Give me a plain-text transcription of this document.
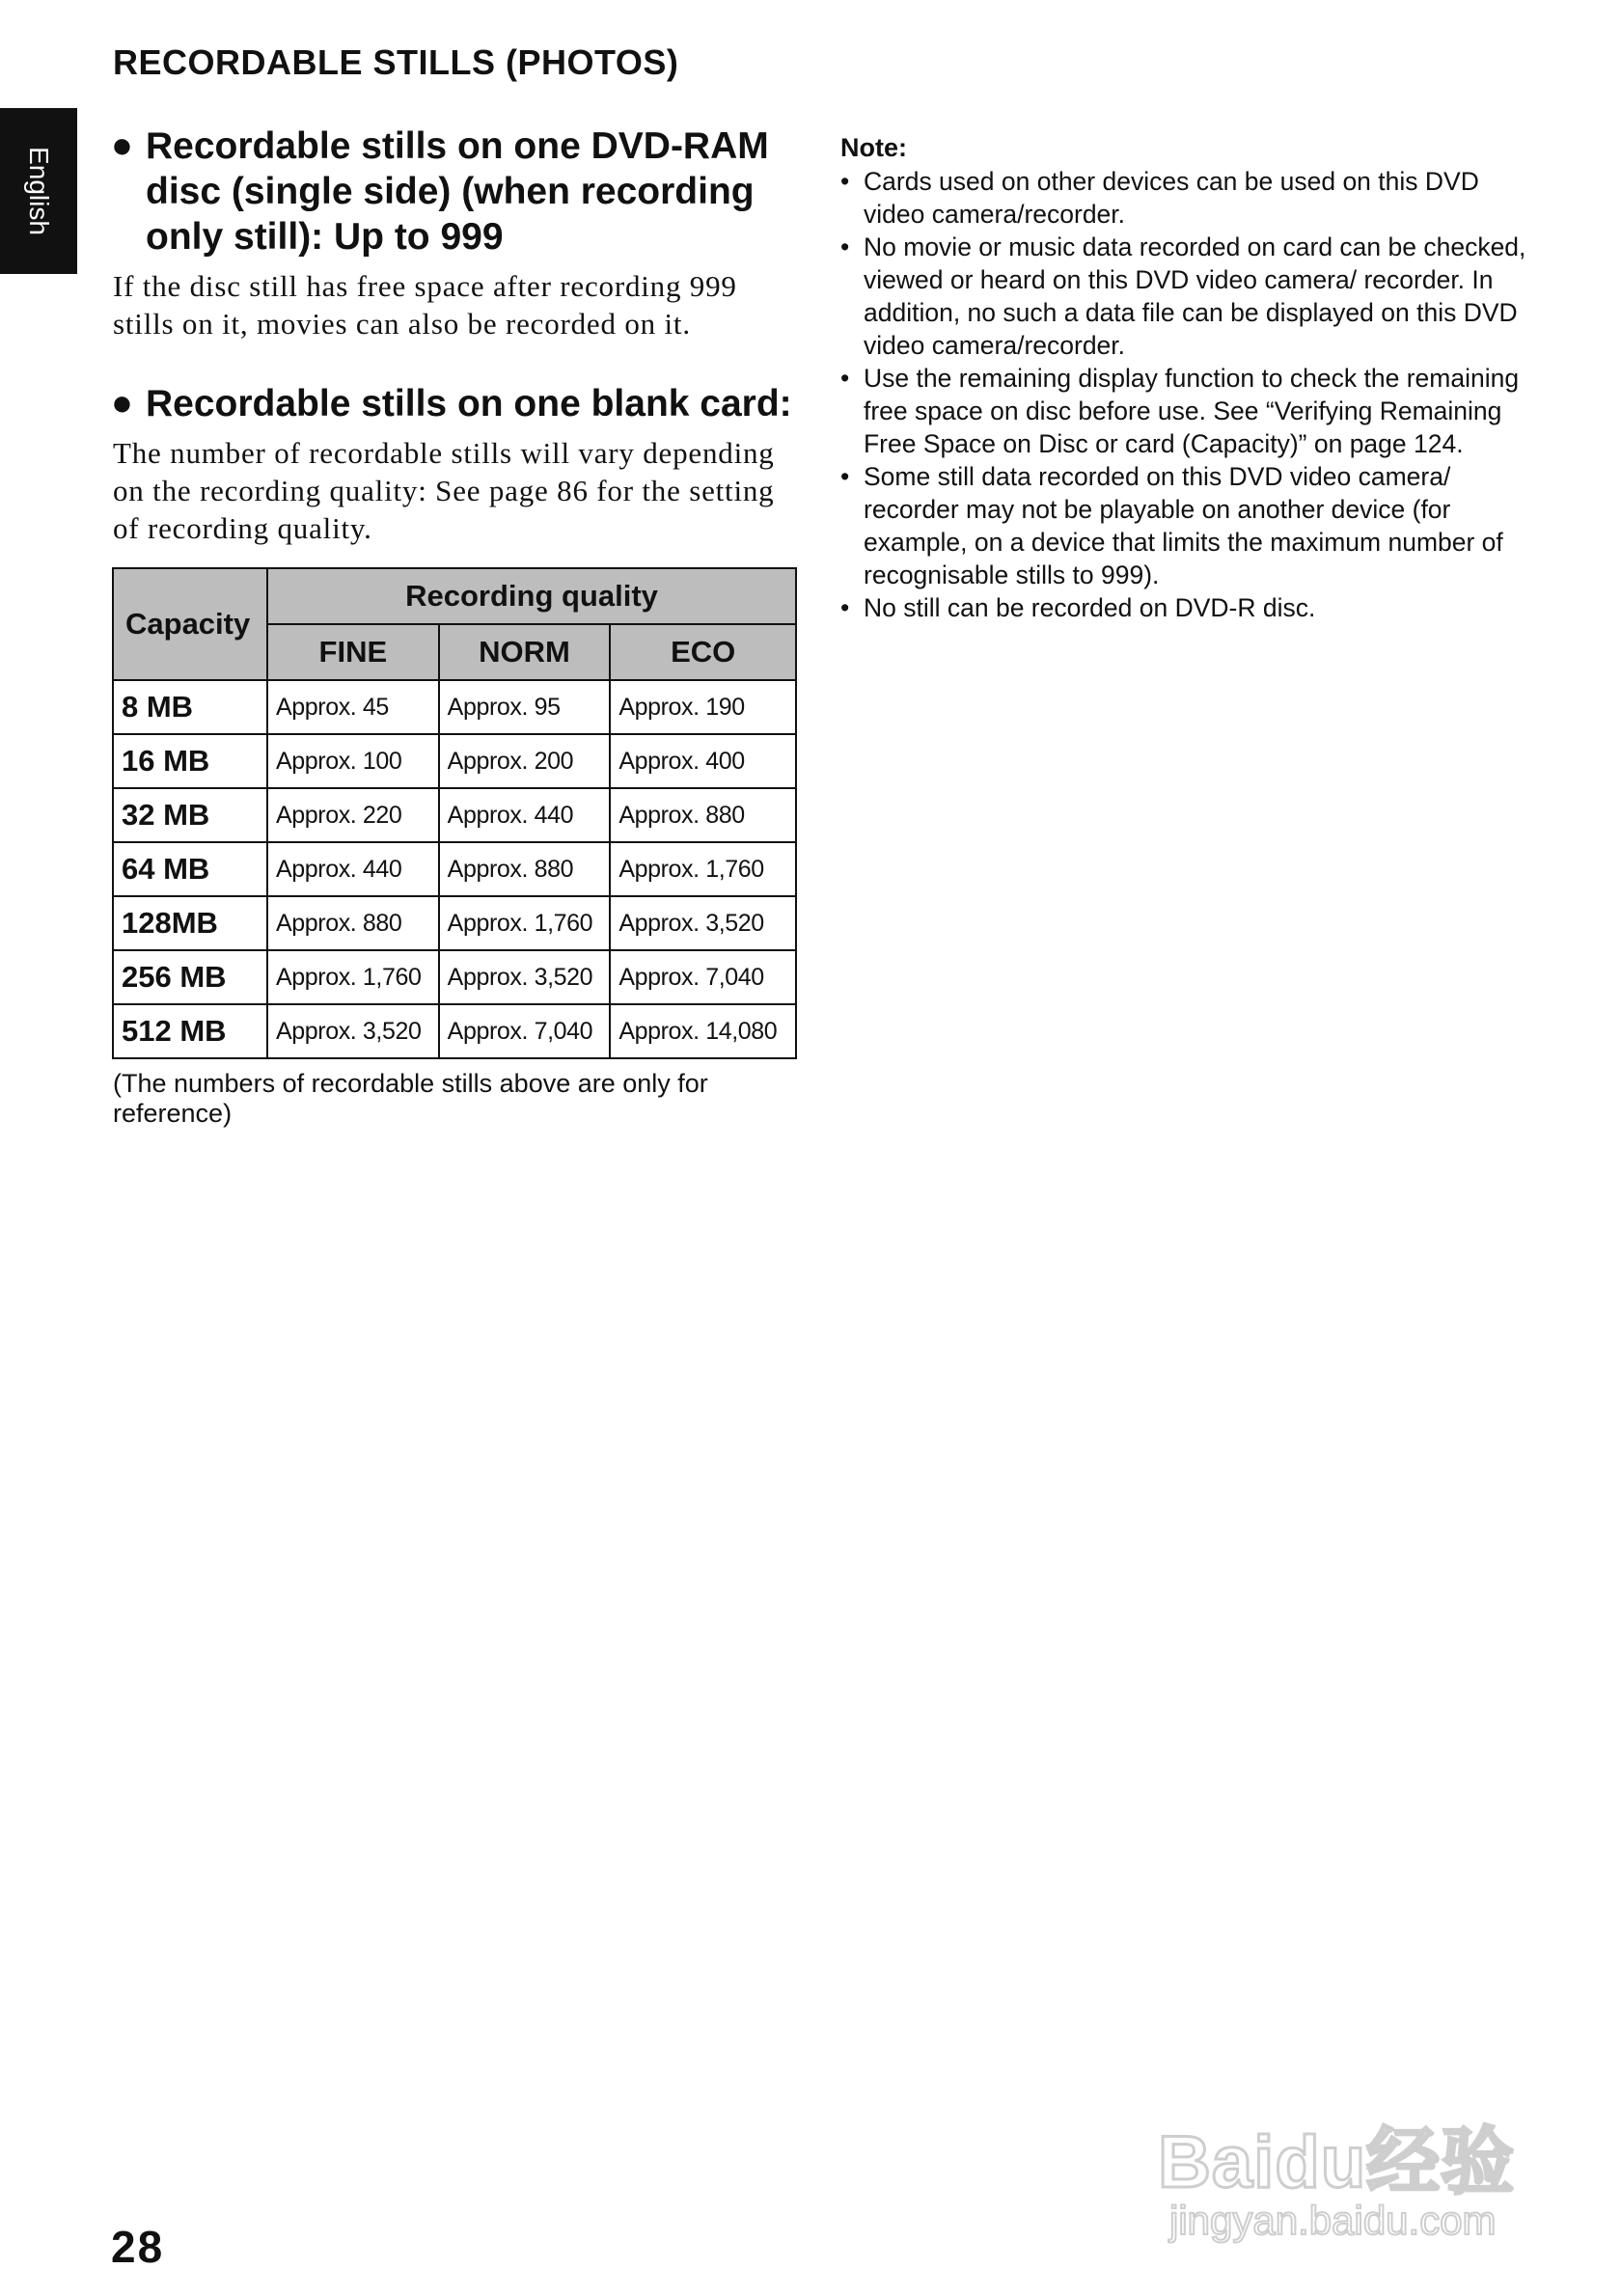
RECORDABLE STILLS (PHOTOS)
English
● Recordable stills on one DVD-RAM disc (single side) (when recording only still): Up to 999

If the disc still has free space after recording 999 stills on it, movies can also be recorded on it.

● Recordable stills on one blank card:

The number of recordable stills will vary depending on the recording quality: See page 86 for the setting of recording quality.

Capacity	Recording quality		
	FINE	NORM	ECO
8 MB	Approx. 45	Approx. 95	Approx. 190
16 MB	Approx. 100	Approx. 200	Approx. 400
32 MB	Approx. 220	Approx. 440	Approx. 880
64 MB	Approx. 440	Approx. 880	Approx. 1,760
128MB	Approx. 880	Approx. 1,760	Approx. 3,520
256 MB	Approx. 1,760	Approx. 3,520	Approx. 7,040
512 MB	Approx. 3,520	Approx. 7,040	Approx. 14,080
(The numbers of recordable stills above are only for reference)
Note:
• Cards used on other devices can be used on this DVD video camera/recorder.
• No movie or music data recorded on card can be checked, viewed or heard on this DVD video camera/ recorder. In addition, no such a data file can be displayed on this DVD video camera/recorder.
• Use the remaining display function to check the remaining free space on disc before use. See “Verifying Remaining Free Space on Disc or card (Capacity)” on page 124.
• Some still data recorded on this DVD video camera/ recorder may not be playable on another device (for example, on a device that limits the maximum number of recognisable stills to 999).
• No still can be recorded on DVD-R disc.
28
Baidu经验
jingyan.baidu.com
